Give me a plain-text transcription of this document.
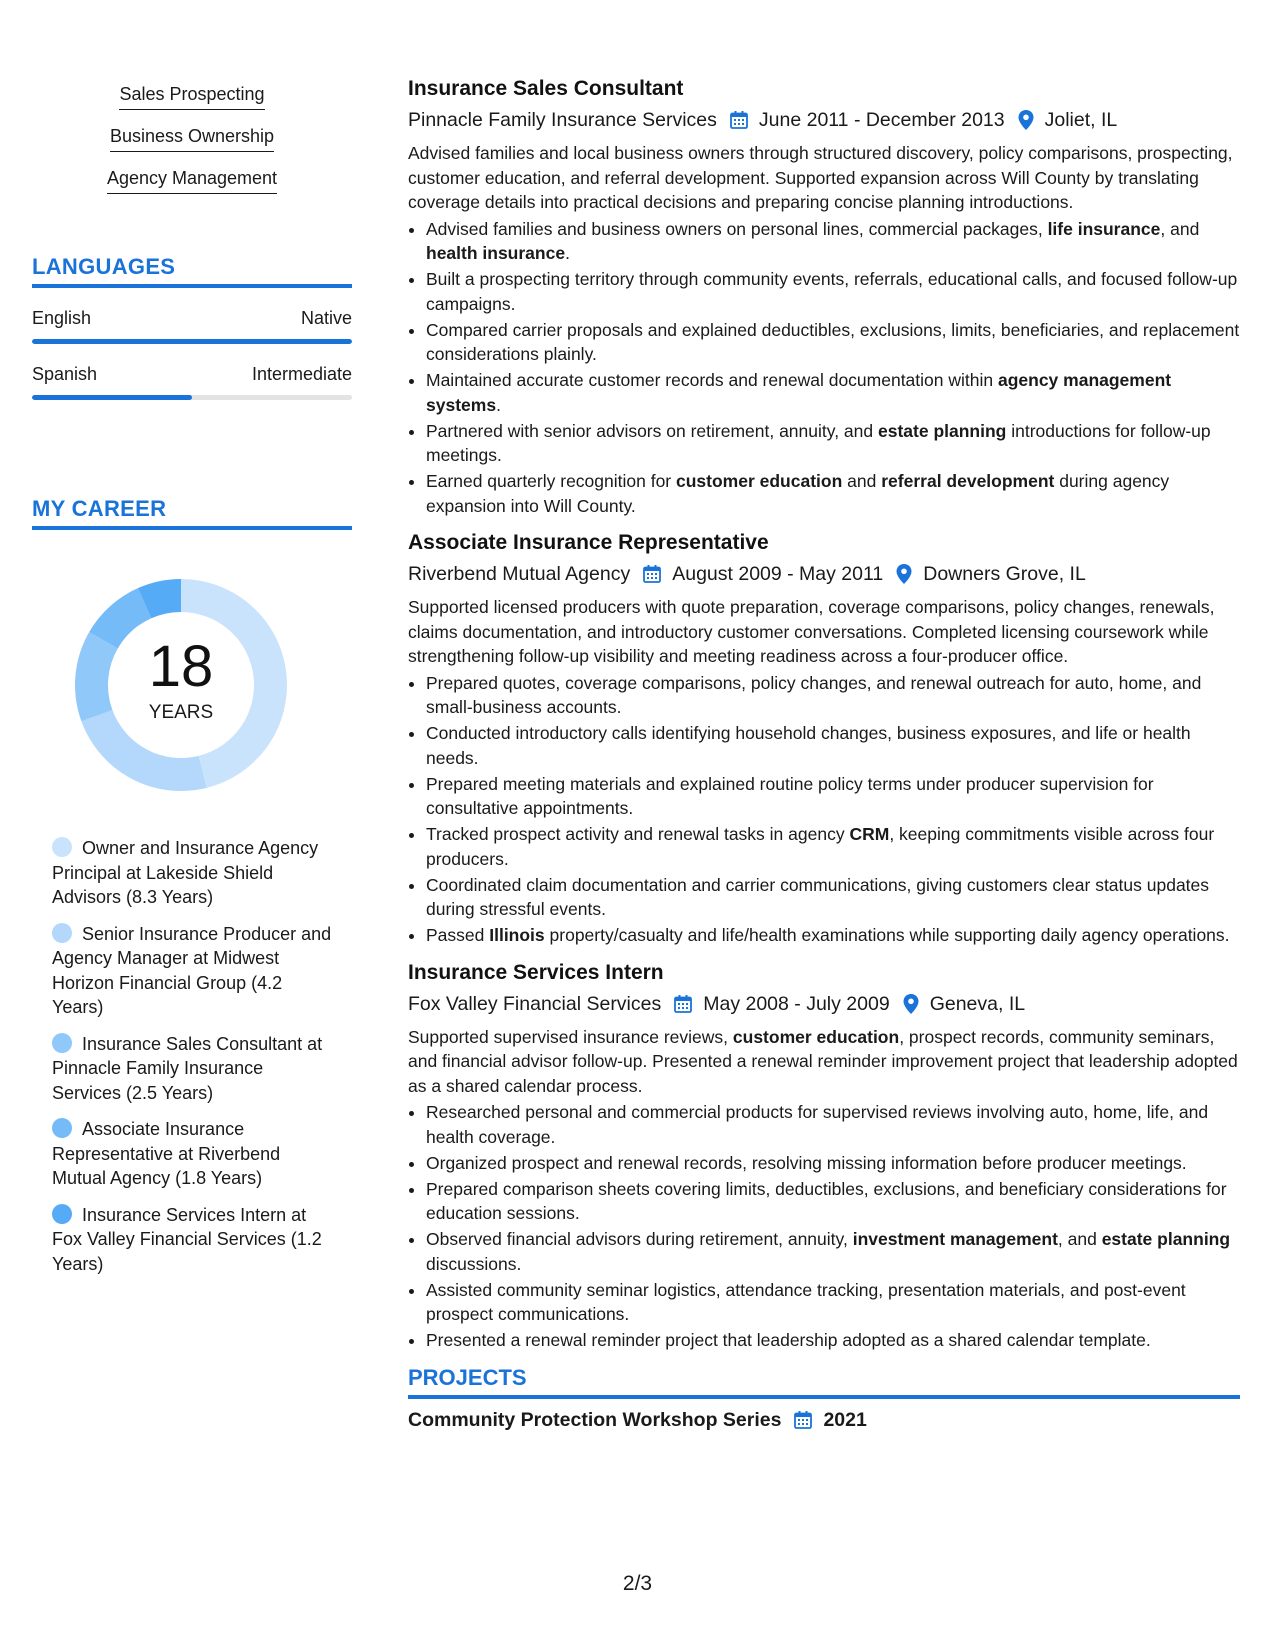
Sales Prospecting
Business Ownership
Agency Management
LANGUAGES
English	Native
Spanish	Intermediate
MY CAREER
18
YEARS
Owner and Insurance Agency Principal at Lakeside Shield Advisors (8.3 Years)
Senior Insurance Producer and Agency Manager at Midwest Horizon Financial Group (4.2 Years)
Insurance Sales Consultant at Pinnacle Family Insurance Services (2.5 Years)
Associate Insurance Representative at Riverbend Mutual Agency (1.8 Years)
Insurance Services Intern at Fox Valley Financial Services (1.2 Years)
Insurance Sales Consultant
Pinnacle Family Insurance Services June 2011 - December 2013 Joliet, IL
Advised families and local business owners through structured discovery, policy comparisons, prospecting, customer education, and referral development. Supported expansion across Will County by translating coverage details into practical decisions and preparing concise planning introductions.
• Advised families and business owners on personal lines, commercial packages, life insurance, and health insurance.
• Built a prospecting territory through community events, referrals, educational calls, and focused follow-up campaigns.
• Compared carrier proposals and explained deductibles, exclusions, limits, beneficiaries, and replacement considerations plainly.
• Maintained accurate customer records and renewal documentation within agency management systems.
• Partnered with senior advisors on retirement, annuity, and estate planning introductions for follow-up meetings.
• Earned quarterly recognition for customer education and referral development during agency expansion into Will County.
Associate Insurance Representative
Riverbend Mutual Agency August 2009 - May 2011 Downers Grove, IL
Supported licensed producers with quote preparation, coverage comparisons, policy changes, renewals, claims documentation, and introductory customer conversations. Completed licensing coursework while strengthening follow-up visibility and meeting readiness across a four-producer office.
• Prepared quotes, coverage comparisons, policy changes, and renewal outreach for auto, home, and small-business accounts.
• Conducted introductory calls identifying household changes, business exposures, and life or health needs.
• Prepared meeting materials and explained routine policy terms under producer supervision for consultative appointments.
• Tracked prospect activity and renewal tasks in agency CRM, keeping commitments visible across four producers.
• Coordinated claim documentation and carrier communications, giving customers clear status updates during stressful events.
• Passed Illinois property/casualty and life/health examinations while supporting daily agency operations.
Insurance Services Intern
Fox Valley Financial Services May 2008 - July 2009 Geneva, IL
Supported supervised insurance reviews, customer education, prospect records, community seminars, and financial advisor follow-up. Presented a renewal reminder improvement project that leadership adopted as a shared calendar process.
• Researched personal and commercial products for supervised reviews involving auto, home, life, and health coverage.
• Organized prospect and renewal records, resolving missing information before producer meetings.
• Prepared comparison sheets covering limits, deductibles, exclusions, and beneficiary considerations for education sessions.
• Observed financial advisors during retirement, annuity, investment management, and estate planning discussions.
• Assisted community seminar logistics, attendance tracking, presentation materials, and post-event prospect communications.
• Presented a renewal reminder project that leadership adopted as a shared calendar template.
PROJECTS
Community Protection Workshop Series 2021
2/3
